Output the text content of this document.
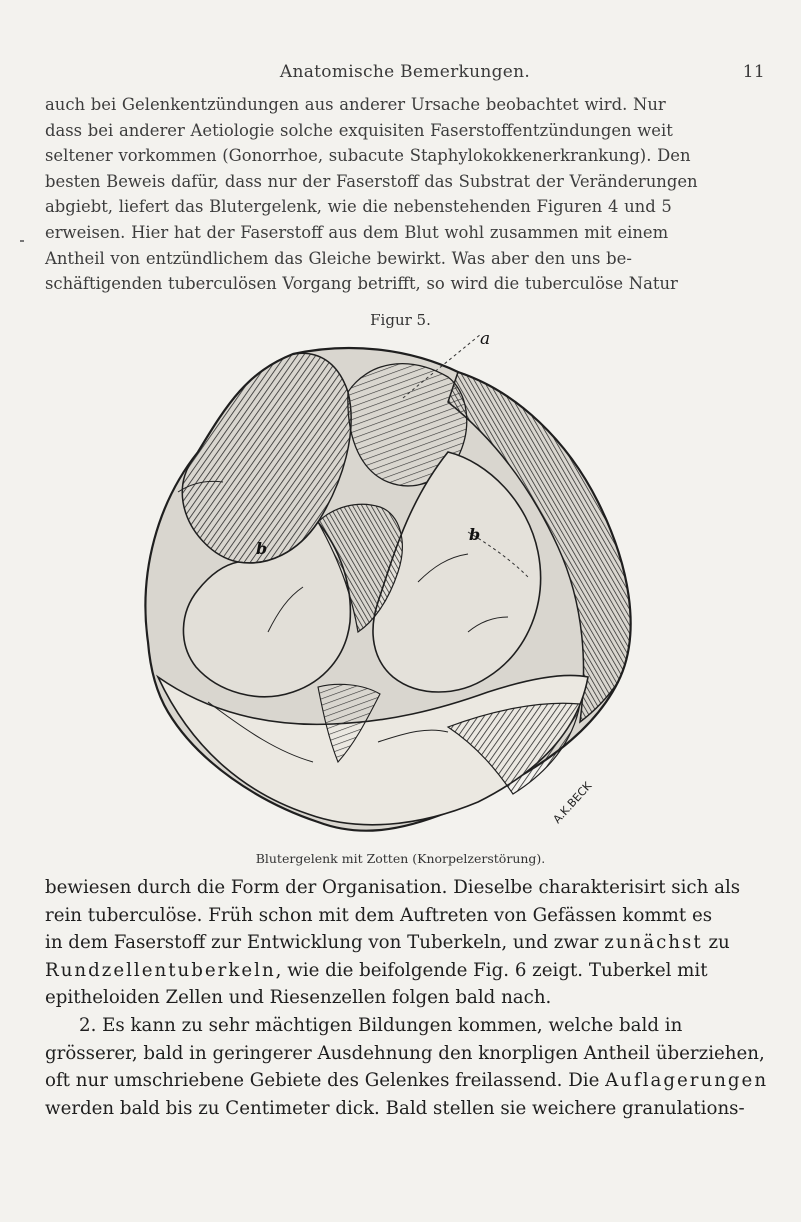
Anatomische Bemerkungen.	11
auch bei Gelenkentzündungen aus anderer Ursache beobachtet wird. Nur
dass bei anderer Aetiologie solche exquisiten Faserstoffentzündungen weit
seltener vorkommen (Gonorrhoe, subacute Staphylokokkenerkrankung). Den
besten Beweis dafür, dass nur der Faserstoff das Substrat der Veränderungen
abgiebt, liefert das Blutergelenk, wie die nebenstehenden Figuren 4 und 5
erweisen. Hier hat der Faserstoff aus dem Blut wohl zusammen mit einem
Antheil von entzündlichem das Gleiche bewirkt. Was aber den uns be-
schäftigenden tuberculösen Vorgang betrifft, so wird die tuberculöse Natur
Figur 5.
b
b
a
A.K.BECK
Blutergelenk mit Zotten (Knorpelzerstörung).
bewiesen durch die Form der Organisation. Dieselbe charakterisirt sich als
rein tuberculöse. Früh schon mit dem Auftreten von Gefässen kommt es
in dem Faserstoff zur Entwicklung von Tuberkeln, und zwar zunächst zu
Rundzellentuberkeln, wie die beifolgende Fig. 6 zeigt. Tuberkel mit
epitheloiden Zellen und Riesenzellen folgen bald nach.
2. Es kann zu sehr mächtigen Bildungen kommen, welche bald in
grösserer, bald in geringerer Ausdehnung den knorpligen Antheil überziehen,
oft nur umschriebene Gebiete des Gelenkes freilassend. Die Auflagerungen
werden bald bis zu Centimeter dick. Bald stellen sie weichere granulations-
